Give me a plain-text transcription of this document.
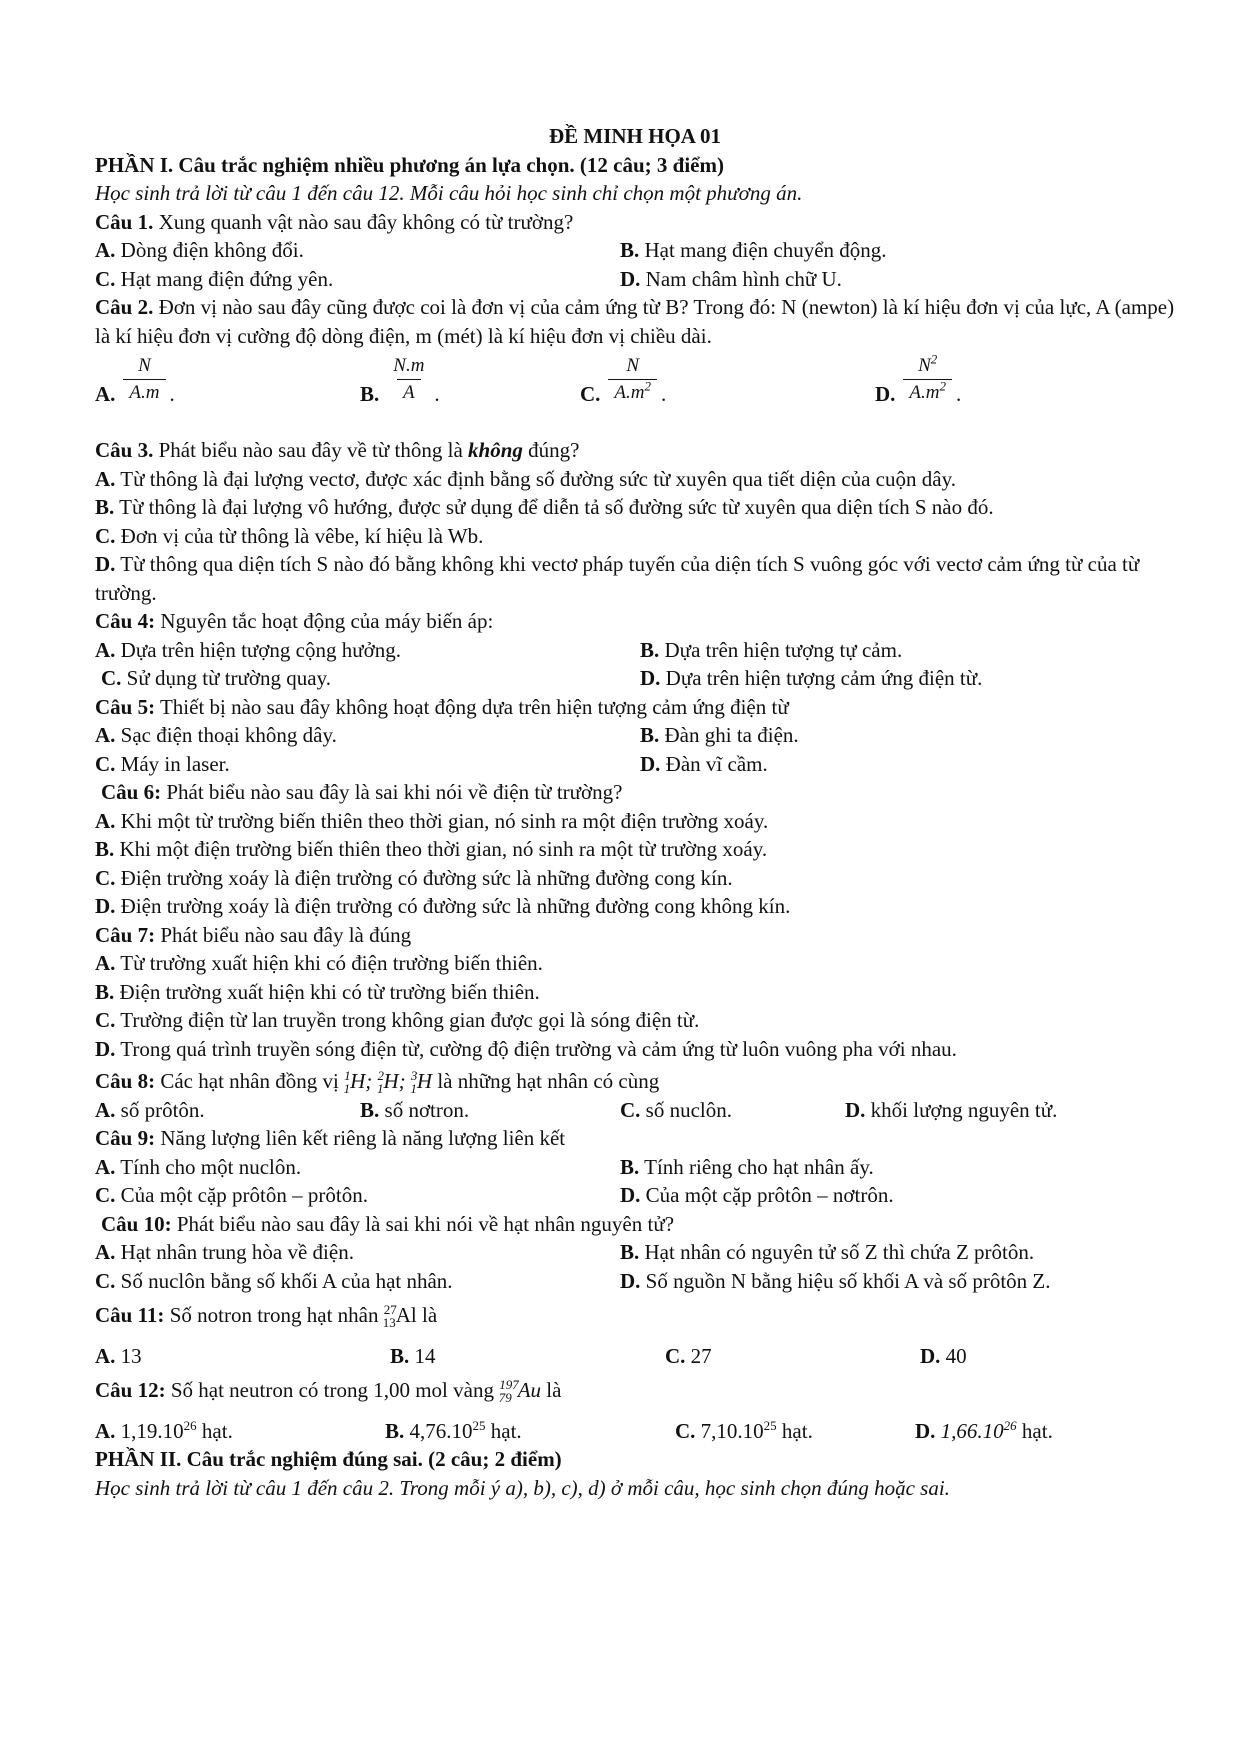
ĐỀ MINH HỌA 01
PHẦN I. Câu trắc nghiệm nhiều phương án lựa chọn. (12 câu; 3 điểm)
Học sinh trả lời từ câu 1 đến câu 12. Mỗi câu hỏi học sinh chỉ chọn một phương án.
Câu 1. Xung quanh vật nào sau đây không có từ trường?
A. Dòng điện không đổi.	B. Hạt mang điện chuyển động.
C. Hạt mang điện đứng yên.	D. Nam châm hình chữ U.
Câu 2. Đơn vị nào sau đây cũng được coi là đơn vị của cảm ứng từ B? Trong đó: N (newton) là kí hiệu đơn vị của lực, A (ampe) là kí hiệu đơn vị cường độ dòng điện, m (mét) là kí hiệu đơn vị chiều dài.
A. $\frac{N}{A.m}$ .	B. $\frac{N.m}{A}$ .	C. $\frac{N}{A.m^2}$ .	D. $\frac{N^2}{A.m^2}$ .
Câu 3. Phát biểu nào sau đây về từ thông là không đúng?
A. Từ thông là đại lượng vectơ, được xác định bằng số đường sức từ xuyên qua tiết diện của cuộn dây.
B. Từ thông là đại lượng vô hướng, được sử dụng để diễn tả số đường sức từ xuyên qua diện tích S nào đó.
C. Đơn vị của từ thông là vêbe, kí hiệu là Wb.
D. Từ thông qua diện tích S nào đó bằng không khi vectơ pháp tuyến của diện tích S vuông góc với vectơ cảm ứng từ của từ trường.
Câu 4: Nguyên tắc hoạt động của máy biến áp:
A. Dựa trên hiện tượng cộng hưởng.	B. Dựa trên hiện tượng tự cảm.
C. Sử dụng từ trường quay.	D. Dựa trên hiện tượng cảm ứng điện từ.
Câu 5: Thiết bị nào sau đây không hoạt động dựa trên hiện tượng cảm ứng điện từ
A. Sạc điện thoại không dây.	B. Đàn ghi ta điện.
C. Máy in laser.	D. Đàn vĩ cầm.
Câu 6: Phát biểu nào sau đây là sai khi nói về điện từ trường?
A. Khi một từ trường biến thiên theo thời gian, nó sinh ra một điện trường xoáy.
B. Khi một điện trường biến thiên theo thời gian, nó sinh ra một từ trường xoáy.
C. Điện trường xoáy là điện trường có đường sức là những đường cong kín.
D. Điện trường xoáy là điện trường có đường sức là những đường cong không kín.
Câu 7: Phát biểu nào sau đây là đúng
A. Từ trường xuất hiện khi có điện trường biến thiên.
B. Điện trường xuất hiện khi có từ trường biến thiên.
C. Trường điện từ lan truyền trong không gian được gọi là sóng điện từ.
D. Trong quá trình truyền sóng điện từ, cường độ điện trường và cảm ứng từ luôn vuông pha với nhau.
Câu 8: Các hạt nhân đồng vị $^1_1$H; $^2_1$H; $^3_1$H là những hạt nhân có cùng
A. số prôtôn.	B. số nơtron.	C. số nuclôn.	D. khối lượng nguyên tử.
Câu 9: Năng lượng liên kết riêng là năng lượng liên kết
A. Tính cho một nuclôn.	B. Tính riêng cho hạt nhân ấy.
C. Của một cặp prôtôn – prôtôn.	D. Của một cặp prôtôn – nơtrôn.
Câu 10: Phát biểu nào sau đây là sai khi nói về hạt nhân nguyên tử?
A. Hạt nhân trung hòa về điện.	B. Hạt nhân có nguyên tử số Z thì chứa Z prôtôn.
C. Số nuclôn bằng số khối A của hạt nhân.	D. Số nguồn N bằng hiệu số khối A và số prôtôn Z.
Câu 11: Số notron trong hạt nhân $^{27}_{13}$Al là
A. 13	B. 14	C. 27	D. 40
Câu 12: Số hạt neutron có trong 1,00 mol vàng $^{197}_{79}$ Au là
A. 1,19.10$^{26}$ hạt.	B. 4,76.10$^{25}$ hạt.	C. 7,10.10$^{25}$ hạt.	D. 1,66.10$^{26}$ hạt.
PHẦN II. Câu trắc nghiệm đúng sai. (2 câu; 2 điểm)
Học sinh trả lời từ câu 1 đến câu 2. Trong mỗi ý a), b), c), d) ở mỗi câu, học sinh chọn đúng hoặc sai.
